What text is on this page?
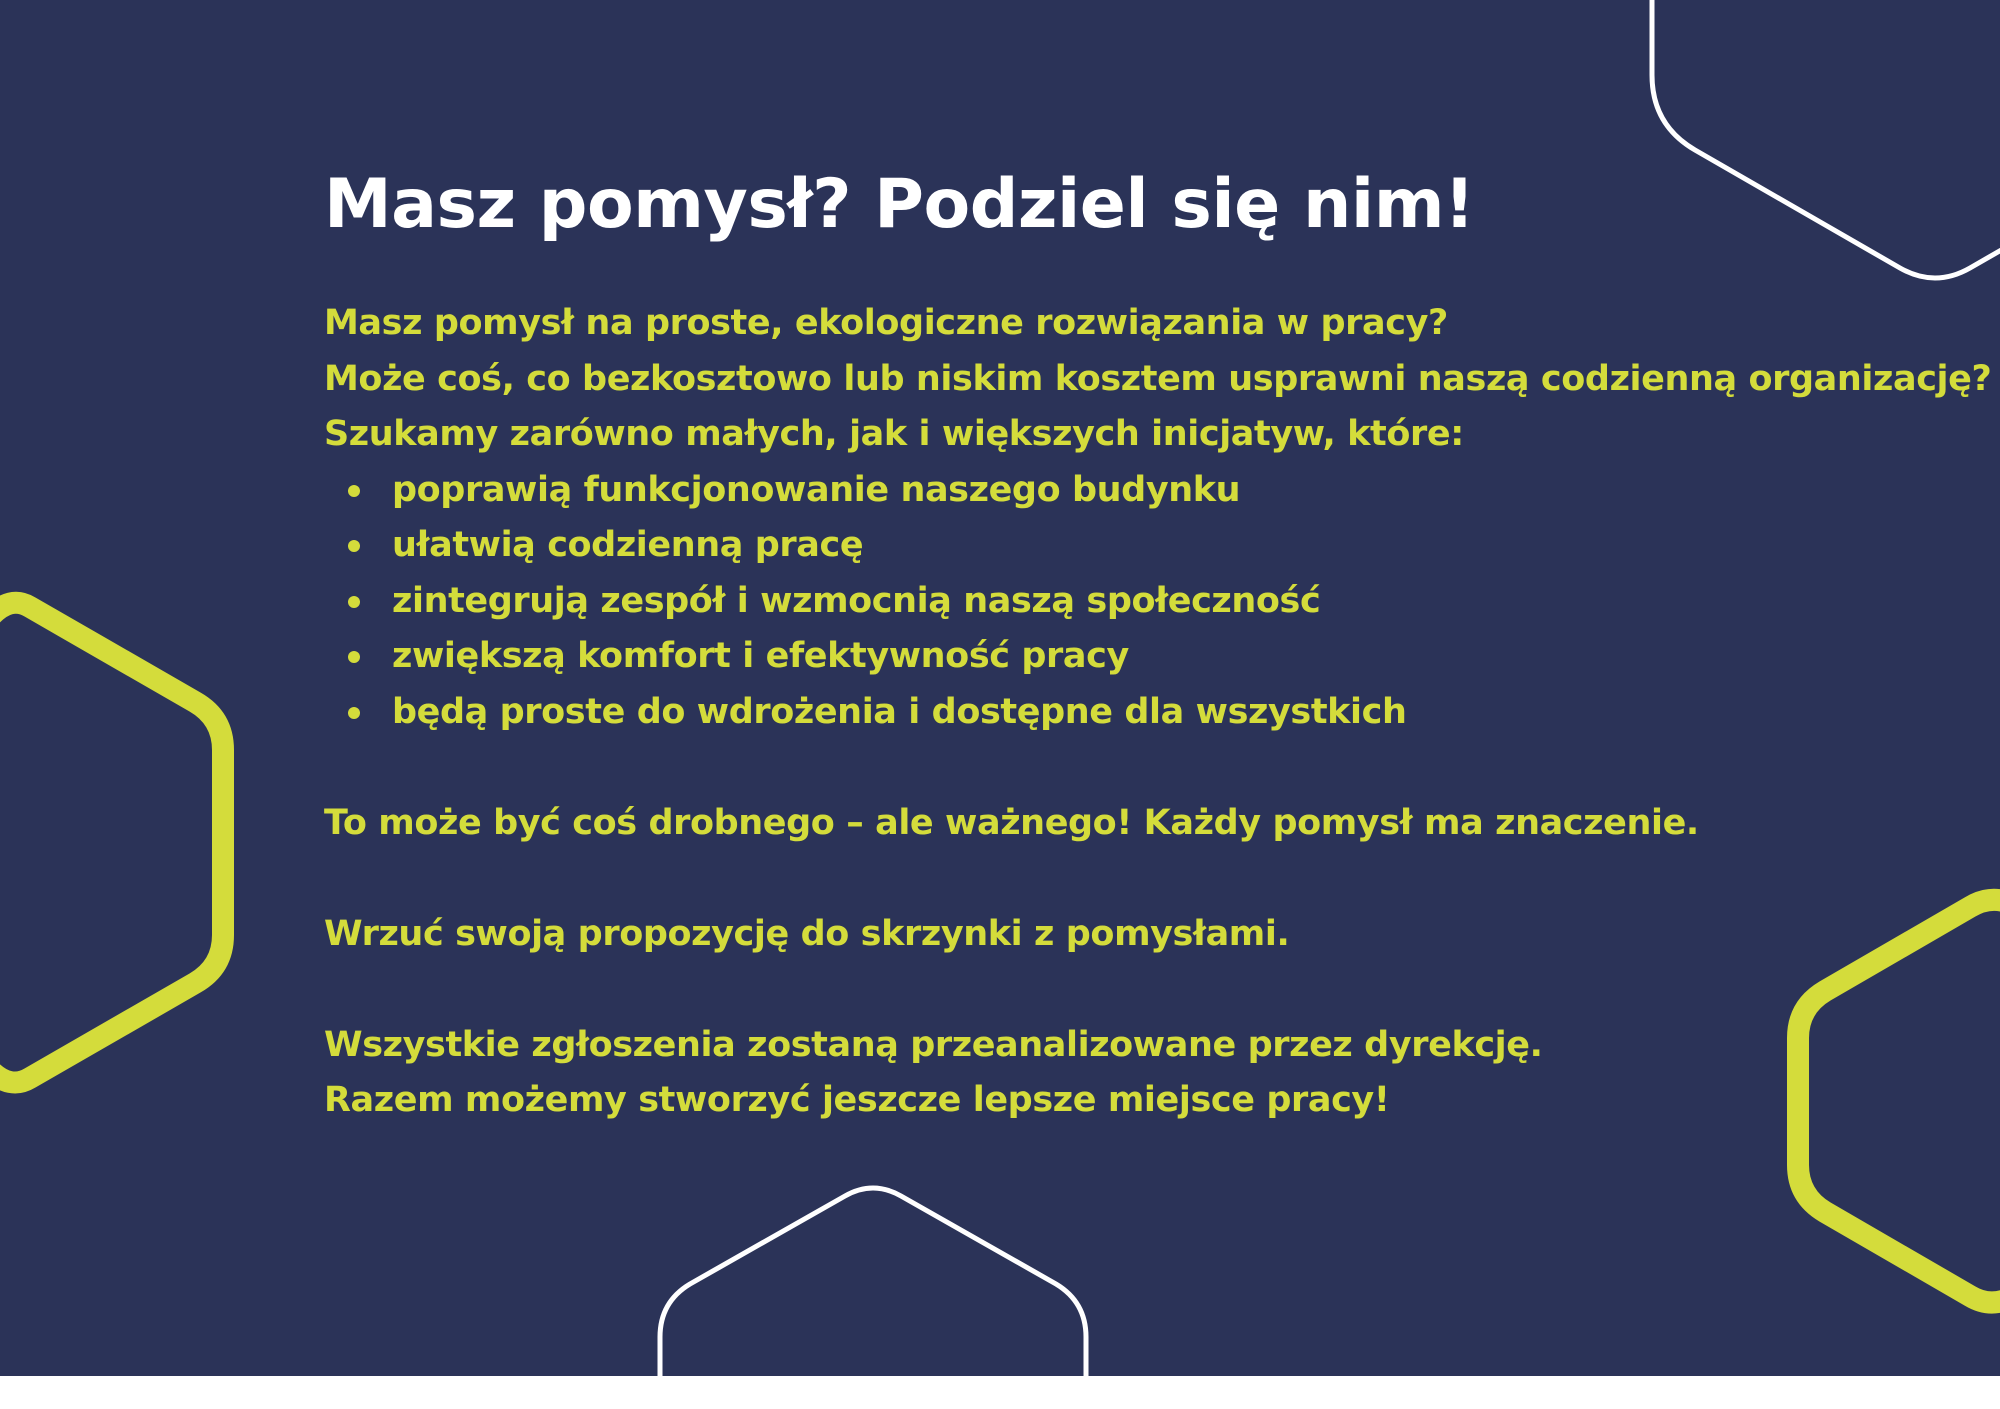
Masz pomysł? Podziel się nim!
Masz pomysł na proste, ekologiczne rozwiązania w pracy?
Może coś, co bezkosztowo lub niskim kosztem usprawni naszą codzienną organizację?
Szukamy zarówno małych, jak i większych inicjatyw, które:
poprawią funkcjonowanie naszego budynku
ułatwią codzienną pracę
zintegrują zespół i wzmocnią naszą społeczność
zwiększą komfort i efektywność pracy
będą proste do wdrożenia i dostępne dla wszystkich
To może być coś drobnego – ale ważnego! Każdy pomysł ma znaczenie.
Wrzuć swoją propozycję do skrzynki z pomysłami.
Wszystkie zgłoszenia zostaną przeanalizowane przez dyrekcję.
Razem możemy stworzyć jeszcze lepsze miejsce pracy!
